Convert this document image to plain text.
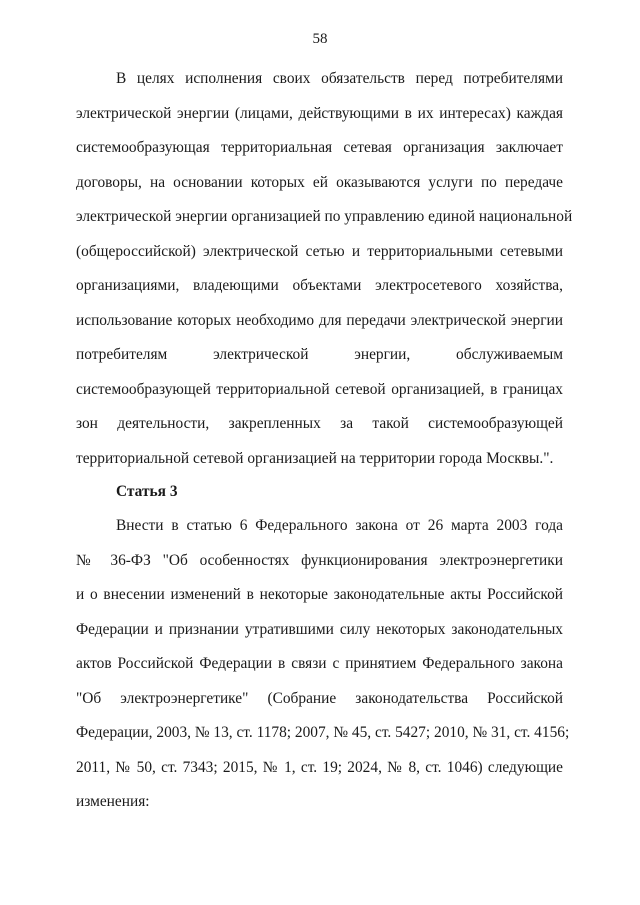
58
В целях исполнения своих обязательств перед потребителями
электрической энергии (лицами, действующими в их интересах) каждая
системообразующая территориальная сетевая организация заключает
договоры, на основании которых ей оказываются услуги по передаче
электрической энергии организацией по управлению единой национальной
(общероссийской) электрической сетью и территориальными сетевыми
организациями, владеющими объектами электросетевого хозяйства,
использование которых необходимо для передачи электрической энергии
потребителям электрической энергии, обслуживаемым
системообразующей территориальной сетевой организацией, в границах
зон деятельности, закрепленных за такой системообразующей
территориальной сетевой организацией на территории города Москвы.".
Статья 3
Внести в статью 6 Федерального закона от 26 марта 2003 года
№ 36-ФЗ "Об особенностях функционирования электроэнергетики
и о внесении изменений в некоторые законодательные акты Российской
Федерации и признании утратившими силу некоторых законодательных
актов Российской Федерации в связи с принятием Федерального закона
"Об электроэнергетике" (Собрание законодательства Российской
Федерации, 2003, № 13, ст. 1178; 2007, № 45, ст. 5427; 2010, № 31, ст. 4156;
2011, № 50, ст. 7343; 2015, № 1, ст. 19; 2024, № 8, ст. 1046) следующие
изменения:
